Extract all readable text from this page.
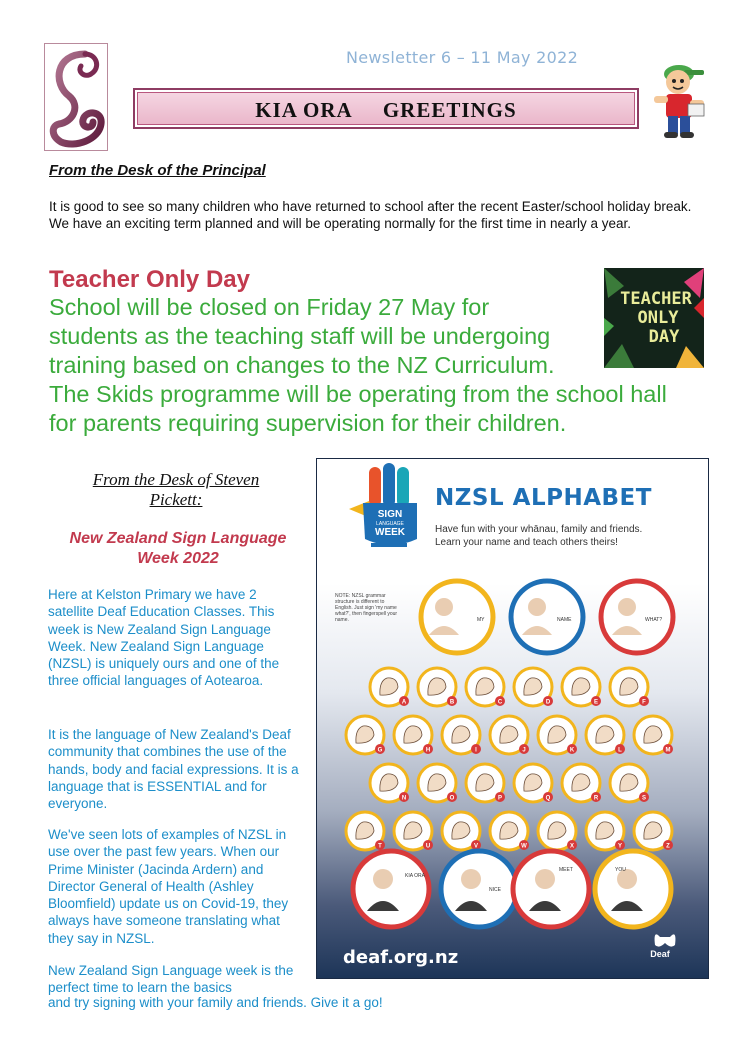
Newsletter 6 – 11 May 2022
KIA ORA     GREETINGS
From the Desk of the Principal
It is good to see so many children who have returned to school after the recent Easter/school holiday break. We have an exciting term planned and will be operating normally for the first time in nearly a year.
Teacher Only Day
School will be closed on Friday 27 May for
students as the teaching staff will be undergoing
training based on changes to the NZ Curriculum.
The Skids programme will be operating from the school hall
for parents requiring supervision for their children.
TEACHER
ONLY
DAY
From the Desk of Steven
Pickett:
New Zealand Sign Language
Week 2022
Here at Kelston Primary we have 2 satellite Deaf Education Classes. This week is New Zealand Sign Language Week. New Zealand Sign Language (NZSL) is uniquely ours and one of the three official languages of Aotearoa.
It is the language of New Zealand's Deaf community that combines the use of the hands, body and facial expressions. It is a language that is ESSENTIAL and for everyone.
We've seen lots of examples of NZSL in use over the past few years. When our Prime Minister (Jacinda Ardern) and Director General of Health (Ashley Bloomfield) update us on Covid-19, they always have someone translating what they say in NZSL.
New Zealand Sign Language week is the perfect time to learn the basics
and try signing with your family and friends. Give it a go!
SIGN
LANGUAGE
WEEK
MY	NAME	WHAT?
A	B	C	D	E	F
G	H	I	J	K	L	M
N	O	P	Q	R	S
T	U	V	W	X	Y	Z
KIA ORA
NICE
MEET	YOU
NZSL ALPHABET
Have fun with your whānau, family and friends.
Learn your name and teach others theirs!
NOTE: NZSL grammar structure is different to English. Just sign 'my name what?', then fingerspell your name.
deaf.org.nz	Deaf
